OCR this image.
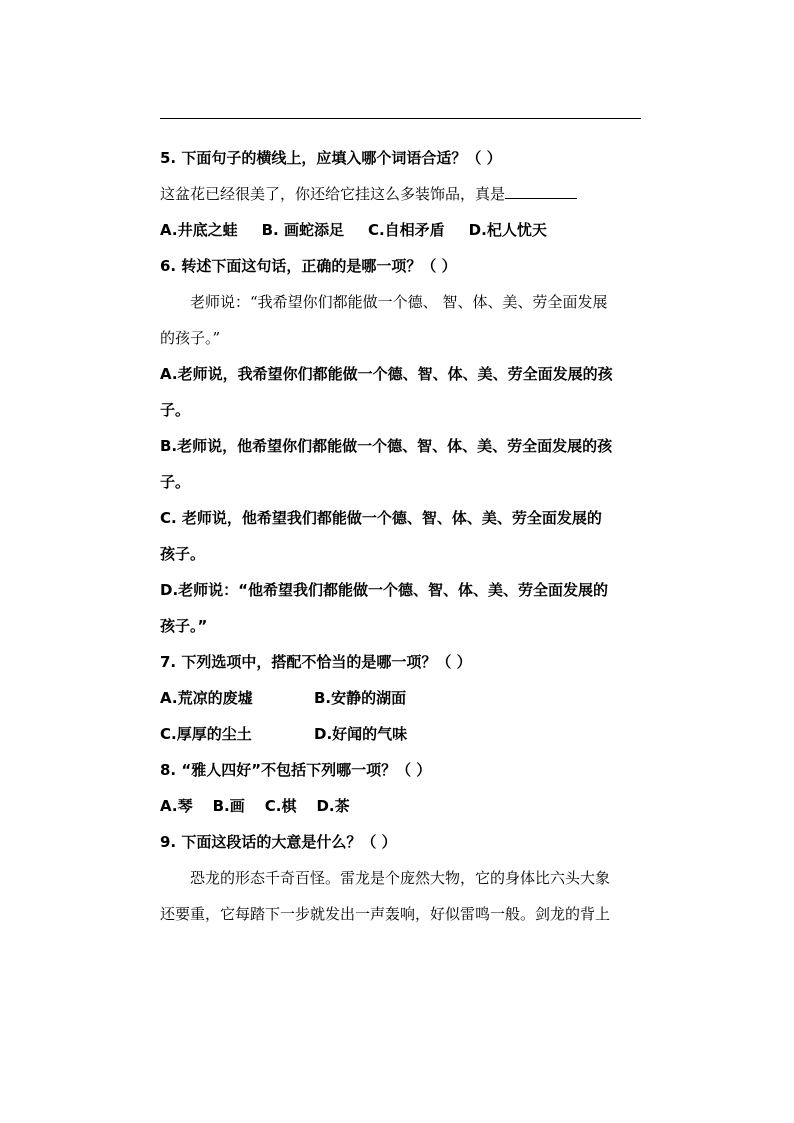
5. 下面句子的横线上，应填入哪个词语合适？（ ）
这盆花已经很美了，你还给它挂这么多装饰品，真是
A.井底之蛙 B. 画蛇添足 C.自相矛盾 D.杞人忧天
6. 转述下面这句话，正确的是哪一项？（ ）
老师说：“我希望你们都能做一个德、 智、体、美、劳全面发展
的孩子。”
A.老师说，我希望你们都能做一个德、智、体、美、劳全面发展的孩
子。
B.老师说，他希望你们都能做一个德、智、体、美、劳全面发展的孩
子。
C. 老师说，他希望我们都能做一个德、智、体、美、劳全面发展的
孩子。
D.老师说：“他希望我们都能做一个德、智、体、美、劳全面发展的
孩子。”
7. 下列选项中，搭配不恰当的是哪一项？（ ）
A.荒凉的废墟	B.安静的湖面
C.厚厚的尘土	D.好闻的气味
8. “雅人四好”不包括下列哪一项？（ ）
A.琴 B.画 C.棋 D.茶
9. 下面这段话的大意是什么？（ ）
恐龙的形态千奇百怪。雷龙是个庞然大物，它的身体比六头大象
还要重，它每踏下一步就发出一声轰响，好似雷鸣一般。剑龙的背上
